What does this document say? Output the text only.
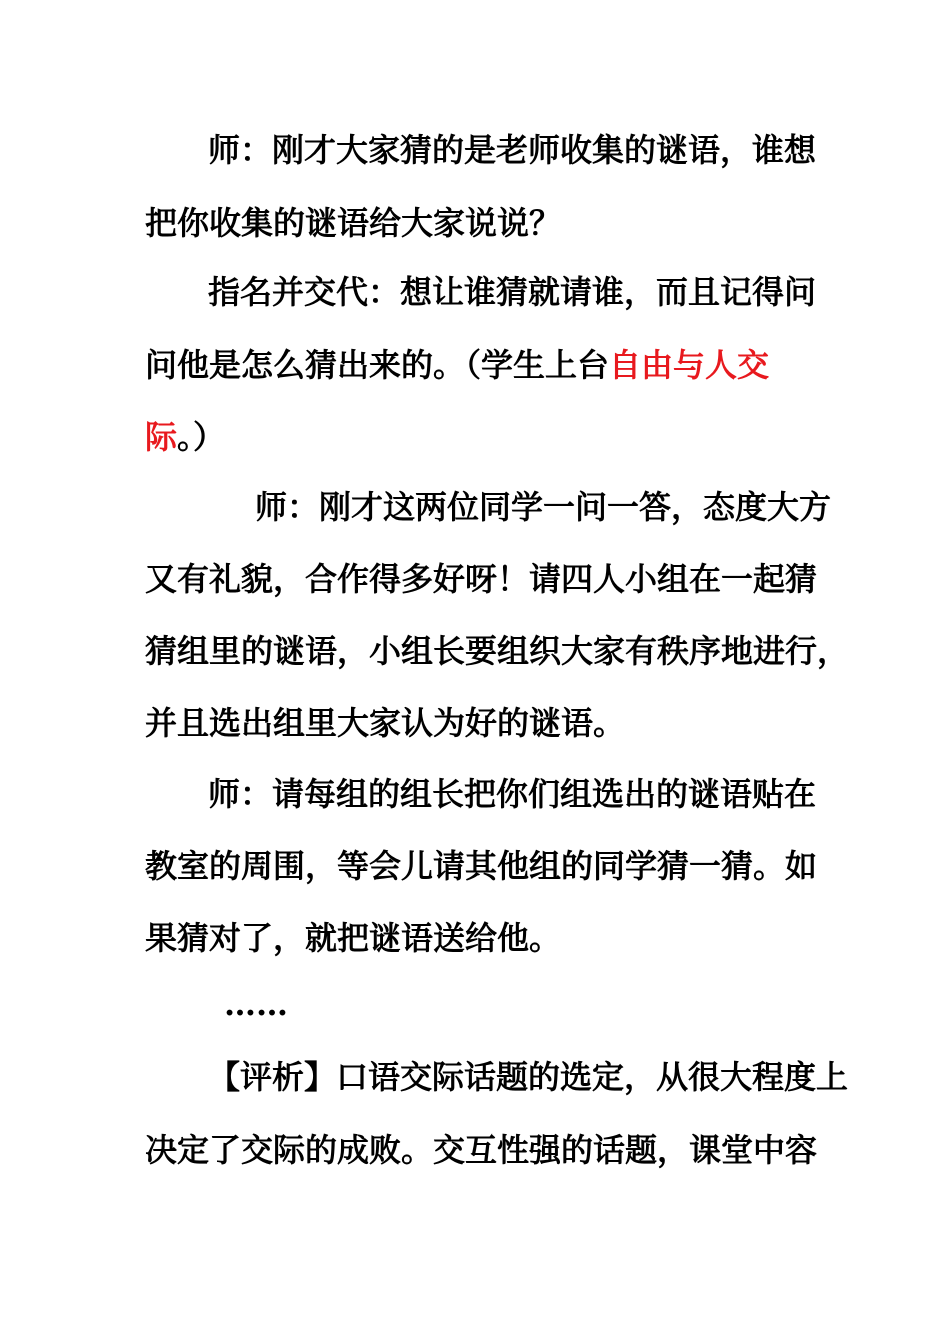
师：刚才大家猜的是老师收集的谜语，谁想
把你收集的谜语给大家说说？
指名并交代：想让谁猜就请谁，而且记得问
问他是怎么猜出来的。（学生上台自由与人交
际。）
师：刚才这两位同学一问一答，态度大方
又有礼貌，合作得多好呀！请四人小组在一起猜
猜组里的谜语，小组长要组织大家有秩序地进行，
并且选出组里大家认为好的谜语。
师：请每组的组长把你们组选出的谜语贴在
教室的周围，等会儿请其他组的同学猜一猜。如
果猜对了，就把谜语送给他。
……
【评析】口语交际话题的选定，从很大程度上
决定了交际的成败。交互性强的话题，课堂中容
